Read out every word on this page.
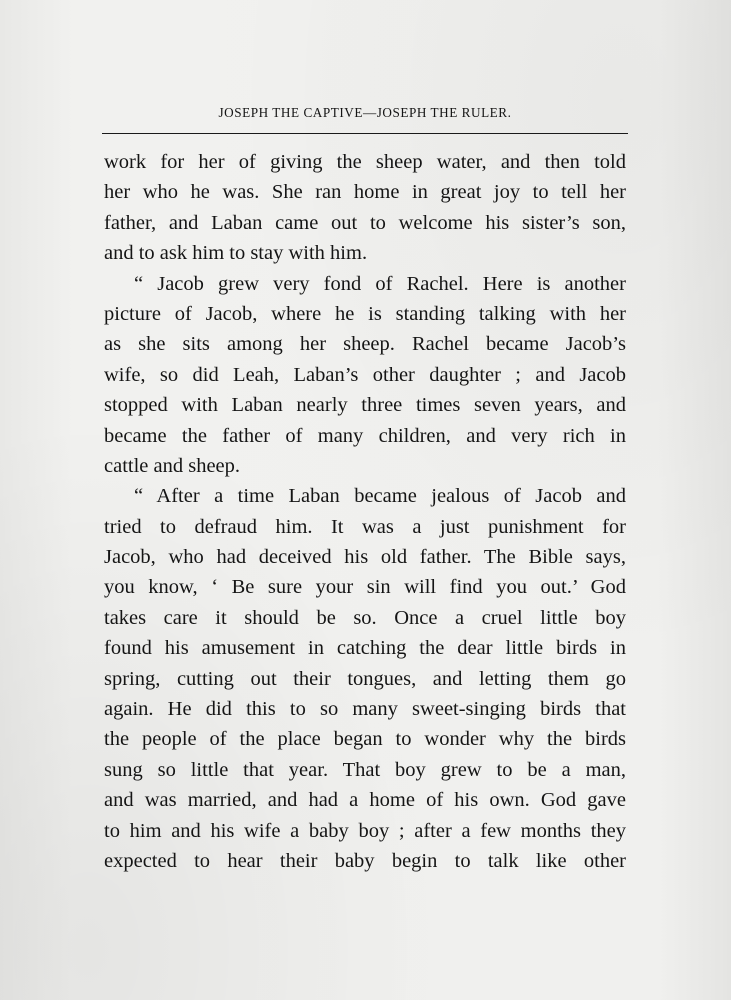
JOSEPH THE CAPTIVE—JOSEPH THE RULER.
work for her of giving the sheep water, and then told
her who he was. She ran home in great joy to tell her
father, and Laban came out to welcome his sister’s son,
and to ask him to stay with him.
“ Jacob grew very fond of Rachel. Here is another
picture of Jacob, where he is standing talking with her
as she sits among her sheep. Rachel became Jacob’s
wife, so did Leah, Laban’s other daughter ; and Jacob
stopped with Laban nearly three times seven years, and
became the father of many children, and very rich in
cattle and sheep.
“ After a time Laban became jealous of Jacob and
tried to defraud him. It was a just punishment for
Jacob, who had deceived his old father. The Bible says,
you know, ‘ Be sure your sin will find you out.’ God
takes care it should be so. Once a cruel little boy
found his amusement in catching the dear little birds in
spring, cutting out their tongues, and letting them go
again. He did this to so many sweet-singing birds that
the people of the place began to wonder why the birds
sung so little that year. That boy grew to be a man,
and was married, and had a home of his own. God gave
to him and his wife a baby boy ; after a few months they
expected to hear their baby begin to talk like other
